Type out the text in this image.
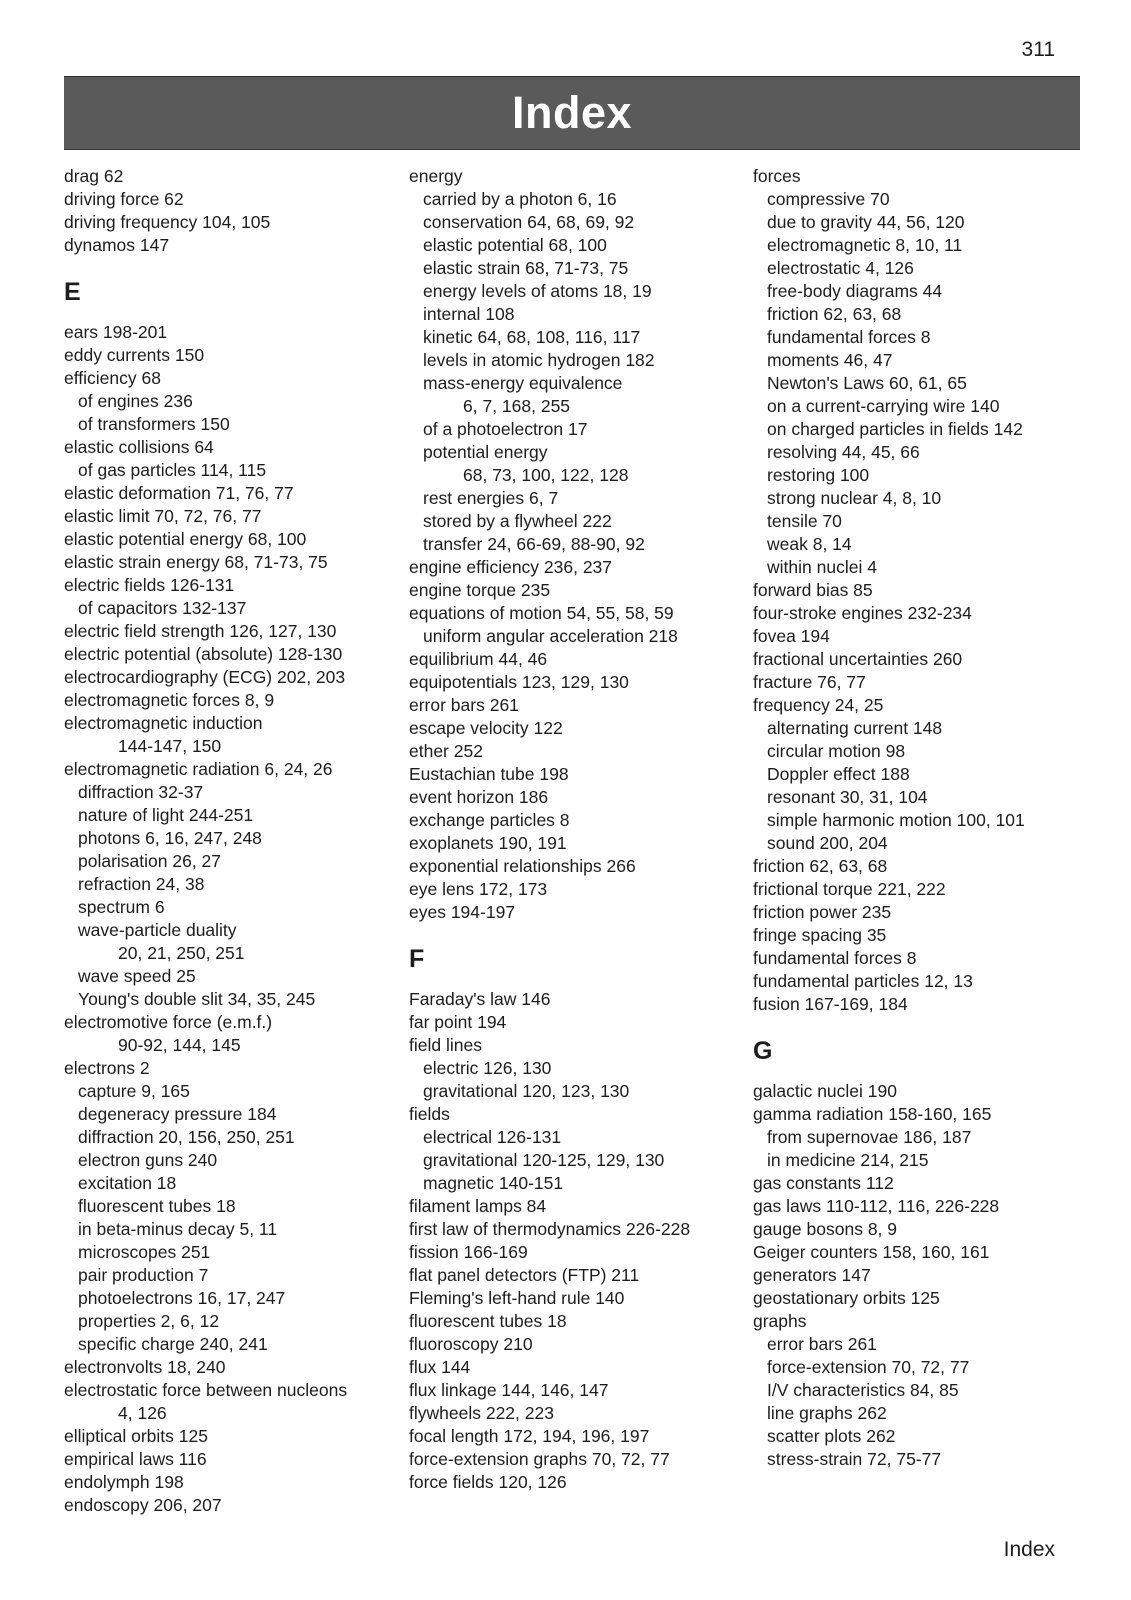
311
Index
drag 62
driving force 62
driving frequency 104, 105
dynamos 147
E
ears 198-201
eddy currents 150
efficiency 68
of engines 236
of transformers 150
elastic collisions 64
of gas particles 114, 115
elastic deformation 71, 76, 77
elastic limit 70, 72, 76, 77
elastic potential energy 68, 100
elastic strain energy 68, 71-73, 75
electric fields 126-131
of capacitors 132-137
electric field strength 126, 127, 130
electric potential (absolute) 128-130
electrocardiography (ECG) 202, 203
electromagnetic forces 8, 9
electromagnetic induction
144-147, 150
electromagnetic radiation 6, 24, 26
diffraction 32-37
nature of light 244-251
photons 6, 16, 247, 248
polarisation 26, 27
refraction 24, 38
spectrum 6
wave-particle duality
20, 21, 250, 251
wave speed 25
Young's double slit 34, 35, 245
electromotive force (e.m.f.)
90-92, 144, 145
electrons 2
capture 9, 165
degeneracy pressure 184
diffraction 20, 156, 250, 251
electron guns 240
excitation 18
fluorescent tubes 18
in beta-minus decay 5, 11
microscopes 251
pair production 7
photoelectrons 16, 17, 247
properties 2, 6, 12
specific charge 240, 241
electronvolts 18, 240
electrostatic force between nucleons
4, 126
elliptical orbits 125
empirical laws 116
endolymph 198
endoscopy 206, 207
energy
carried by a photon 6, 16
conservation 64, 68, 69, 92
elastic potential 68, 100
elastic strain 68, 71-73, 75
energy levels of atoms 18, 19
internal 108
kinetic 64, 68, 108, 116, 117
levels in atomic hydrogen 182
mass-energy equivalence
6, 7, 168, 255
of a photoelectron 17
potential energy
68, 73, 100, 122, 128
rest energies 6, 7
stored by a flywheel 222
transfer 24, 66-69, 88-90, 92
engine efficiency 236, 237
engine torque 235
equations of motion 54, 55, 58, 59
uniform angular acceleration 218
equilibrium 44, 46
equipotentials 123, 129, 130
error bars 261
escape velocity 122
ether 252
Eustachian tube 198
event horizon 186
exchange particles 8
exoplanets 190, 191
exponential relationships 266
eye lens 172, 173
eyes 194-197
F
Faraday's law 146
far point 194
field lines
electric 126, 130
gravitational 120, 123, 130
fields
electrical 126-131
gravitational 120-125, 129, 130
magnetic 140-151
filament lamps 84
first law of thermodynamics 226-228
fission 166-169
flat panel detectors (FTP) 211
Fleming's left-hand rule 140
fluorescent tubes 18
fluoroscopy 210
flux 144
flux linkage 144, 146, 147
flywheels 222, 223
focal length 172, 194, 196, 197
force-extension graphs 70, 72, 77
force fields 120, 126
forces
compressive 70
due to gravity 44, 56, 120
electromagnetic 8, 10, 11
electrostatic 4, 126
free-body diagrams 44
friction 62, 63, 68
fundamental forces 8
moments 46, 47
Newton's Laws 60, 61, 65
on a current-carrying wire 140
on charged particles in fields 142
resolving 44, 45, 66
restoring 100
strong nuclear 4, 8, 10
tensile 70
weak 8, 14
within nuclei 4
forward bias 85
four-stroke engines 232-234
fovea 194
fractional uncertainties 260
fracture 76, 77
frequency 24, 25
alternating current 148
circular motion 98
Doppler effect 188
resonant 30, 31, 104
simple harmonic motion 100, 101
sound 200, 204
friction 62, 63, 68
frictional torque 221, 222
friction power 235
fringe spacing 35
fundamental forces 8
fundamental particles 12, 13
fusion 167-169, 184
G
galactic nuclei 190
gamma radiation 158-160, 165
from supernovae 186, 187
in medicine 214, 215
gas constants 112
gas laws 110-112, 116, 226-228
gauge bosons 8, 9
Geiger counters 158, 160, 161
generators 147
geostationary orbits 125
graphs
error bars 261
force-extension 70, 72, 77
I/V characteristics 84, 85
line graphs 262
scatter plots 262
stress-strain 72, 75-77
Index
